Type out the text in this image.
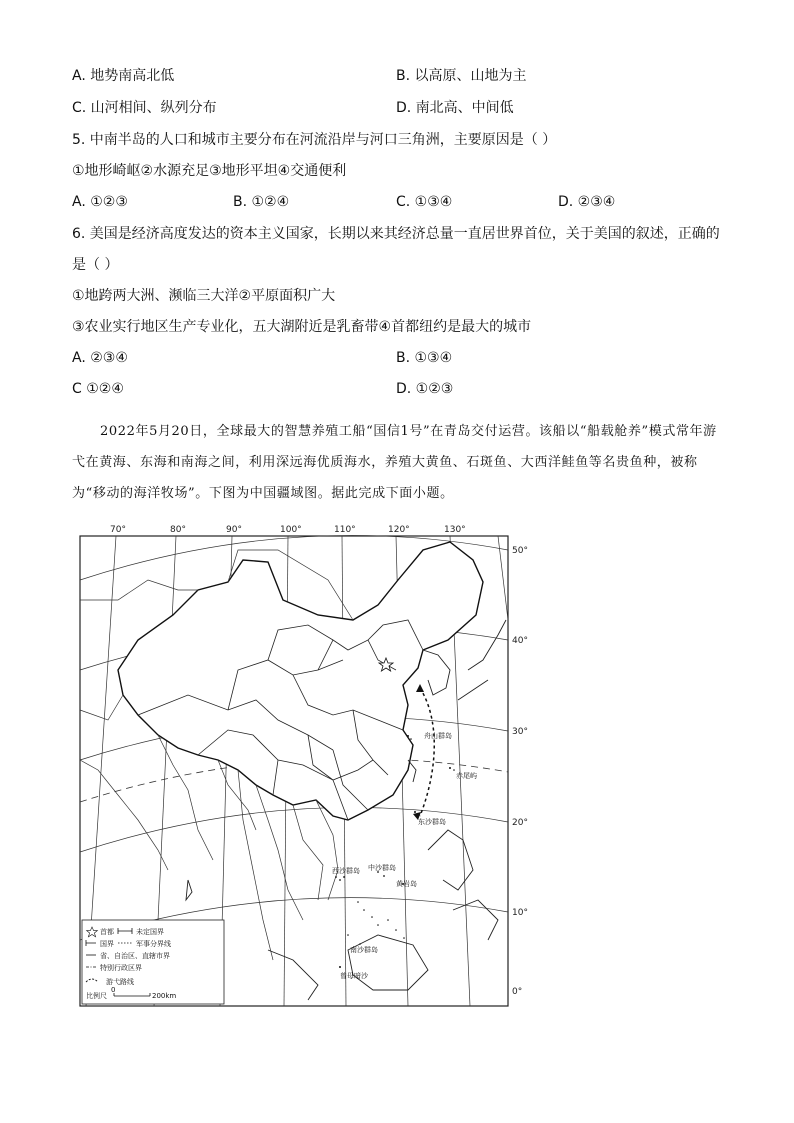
A. 地势南高北低	B. 以高原、山地为主
C. 山河相间、纵列分布	D. 南北高、中间低
5. 中南半岛的人口和城市主要分布在河流沿岸与河口三角洲，主要原因是（ ）
①地形崎岖②水源充足③地形平坦④交通便利
A. ①②③	B. ①②④	C. ①③④	D. ②③④
6. 美国是经济高度发达的资本主义国家，长期以来其经济总量一直居世界首位，关于美国的叙述，正确的
是（ ）
①地跨两大洲、濒临三大洋②平原面积广大
③农业实行地区生产专业化，五大湖附近是乳畜带④首都纽约是最大的城市
A. ②③④	B. ①③④
C ①②④	D. ①②③
2022年5月20日，全球最大的智慧养殖工船“国信1号”在青岛交付运营。该船以“船载舱养”模式常年游弋在黄海、东海和南海之间，利用深远海优质海水，养殖大黄鱼、石斑鱼、大西洋鲑鱼等名贵鱼种，被称为“移动的海洋牧场”。下图为中国疆域图。据此完成下面小题。
70°	80°	90°	100°	110°	120°	130°
50°
40°
30°
20°
10°
0°
舟山群岛
赤尾屿
东沙群岛
西沙群岛 中沙群岛
黄岩岛
南沙群岛
曾母暗沙
首都	未定国界
国界	军事分界线
省、自治区、直辖市界
特别行政区界
游弋路线
比例尺
0
200km
